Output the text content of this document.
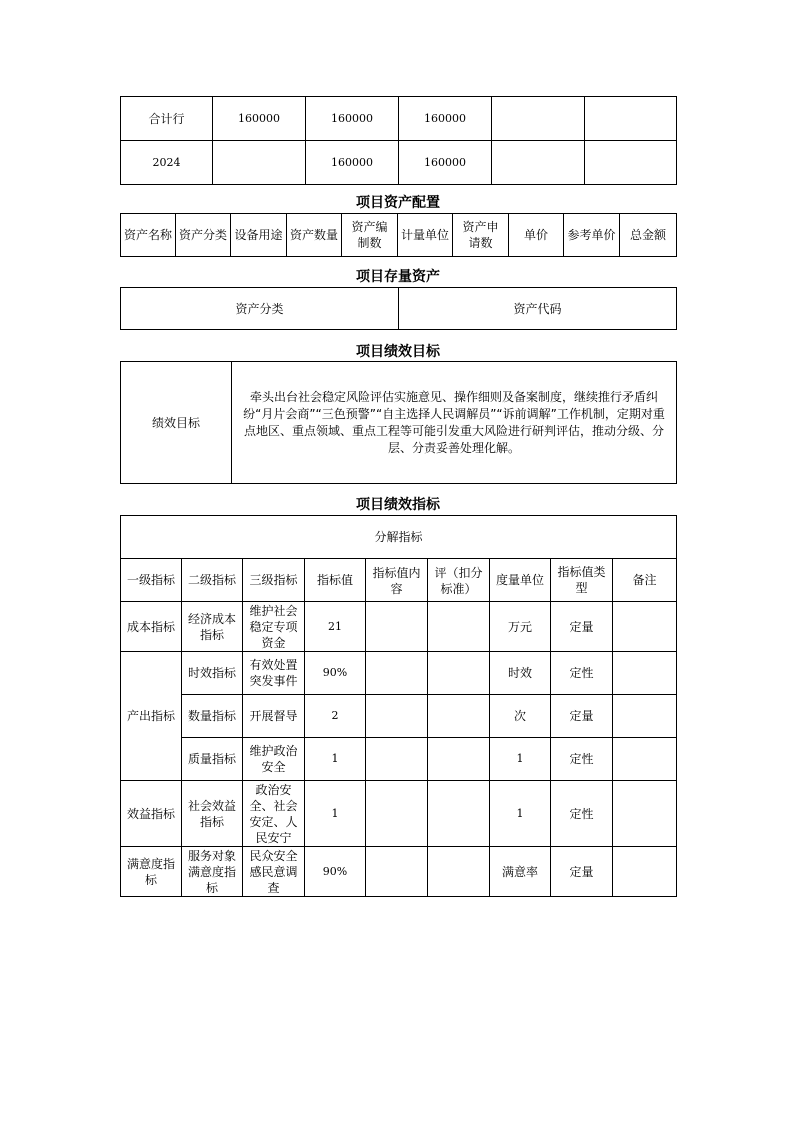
合计行	160000	160000	160000		
2024		160000	160000		
项目资产配置
资产名称	资产分类	设备用途	资产数量	资产编制数	计量单位	资产申请数	单价	参考单价	总金额
项目存量资产
资产分类	资产代码
项目绩效目标
绩效目标	牵头出台社会稳定风险评估实施意见、操作细则及备案制度，继续推行矛盾纠纷“月片会商”“三色预警”“自主选择人民调解员”“诉前调解”工作机制，定期对重点地区、重点领域、重点工程等可能引发重大风险进行研判评估，推动分级、分层、分责妥善处理化解。
项目绩效指标
分解指标								
一级指标	二级指标	三级指标	指标值	指标值内容	评（扣分标准）	度量单位	指标值类型	备注
成本指标	经济成本指标	维护社会稳定专项资金	21			万元	定量	
产出指标	时效指标	有效处置突发事件	90%			时效	定性	
	数量指标	开展督导	2			次	定量	
	质量指标	维护政治安全	1			1	定性	
效益指标	社会效益指标	政治安全、社会安定、人民安宁	1			1	定性	
满意度指标	服务对象满意度指标	民众安全感民意调查	90%			满意率	定量	
